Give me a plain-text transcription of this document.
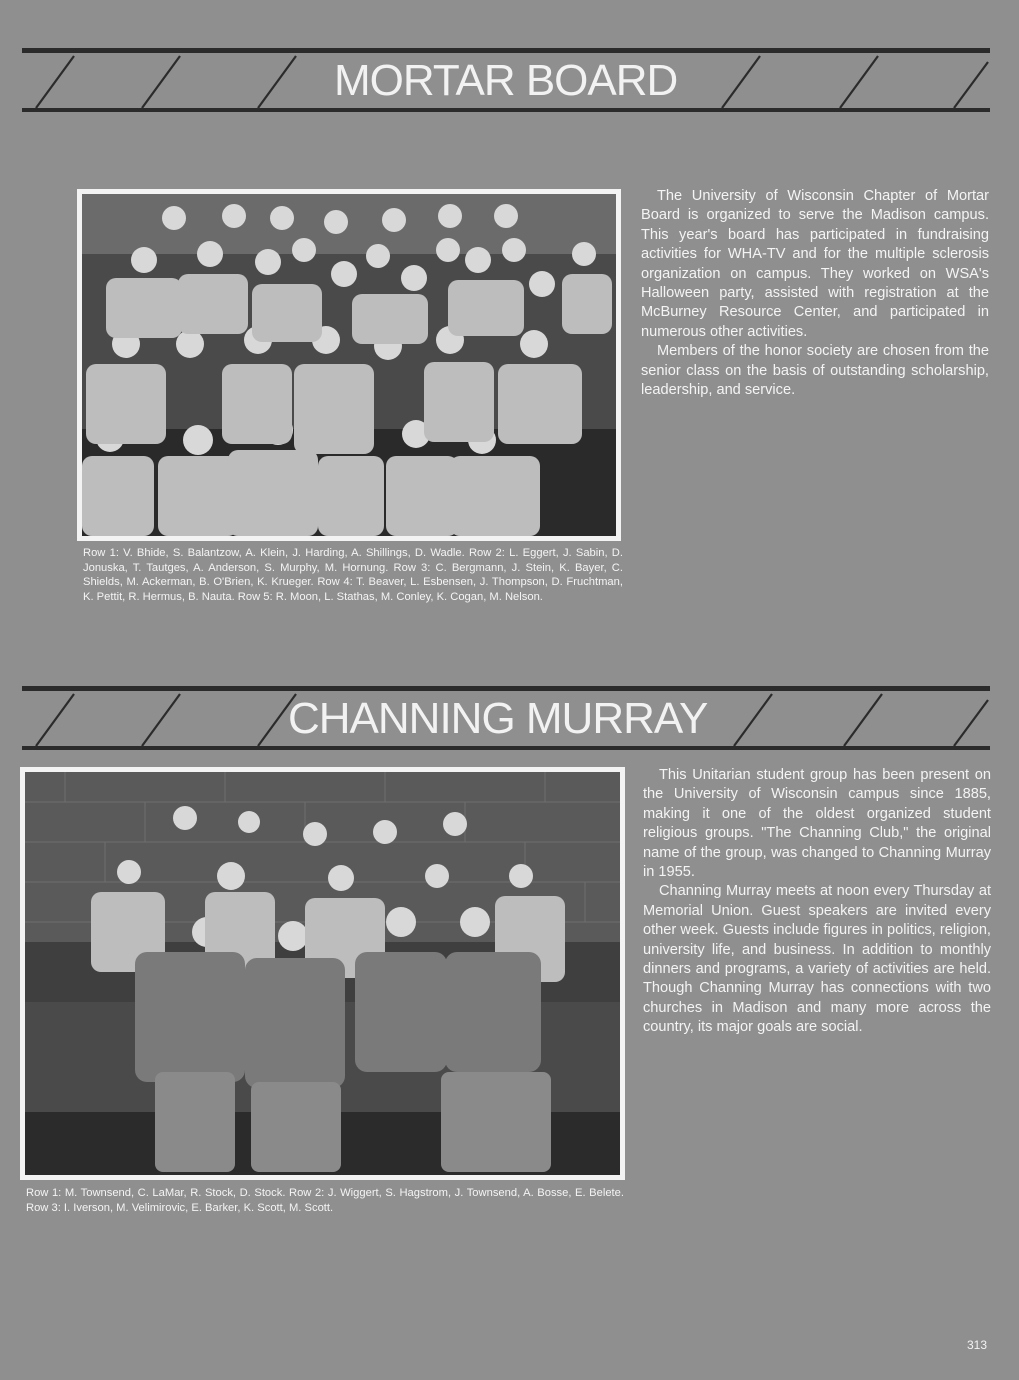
MORTAR BOARD
Row 1: V. Bhide, S. Balantzow, A. Klein, J. Harding, A. Shillings, D. Wadle. Row 2: L. Eggert, J. Sabin, D. Jonuska, T. Tautges, A. Anderson, S. Murphy, M. Hornung. Row 3: C. Bergmann, J. Stein, K. Bayer, C. Shields, M. Ackerman, B. O'Brien, K. Krueger. Row 4: T. Beaver, L. Esbensen, J. Thompson, D. Fruchtman, K. Pettit, R. Hermus, B. Nauta. Row 5: R. Moon, L. Stathas, M. Conley, K. Cogan, M. Nelson.

The University of Wisconsin Chapter of Mortar Board is organized to serve the Madison campus. This year's board has participated in fundraising activities for WHA-TV and for the multiple sclerosis organization on campus. They worked on WSA's Halloween party, assisted with registration at the McBurney Resource Center, and participated in numerous other activities.

Members of the honor society are chosen from the senior class on the basis of outstanding scholarship, leadership, and service.

CHANNING MURRAY
Row 1: M. Townsend, C. LaMar, R. Stock, D. Stock. Row 2: J. Wiggert, S. Hagstrom, J. Townsend, A. Bosse, E. Belete. Row 3: I. Iverson, M. Velimirovic, E. Barker, K. Scott, M. Scott.

This Unitarian student group has been present on the University of Wisconsin campus since 1885, making it one of the oldest organized student religious groups. "The Channing Club," the original name of the group, was changed to Channing Murray in 1955.

Channing Murray meets at noon every Thursday at Memorial Union. Guest speakers are invited every other week. Guests include figures in politics, religion, university life, and business. In addition to monthly dinners and programs, a variety of activities are held. Though Channing Murray has connections with two churches in Madison and many more across the country, its major goals are social.

313
